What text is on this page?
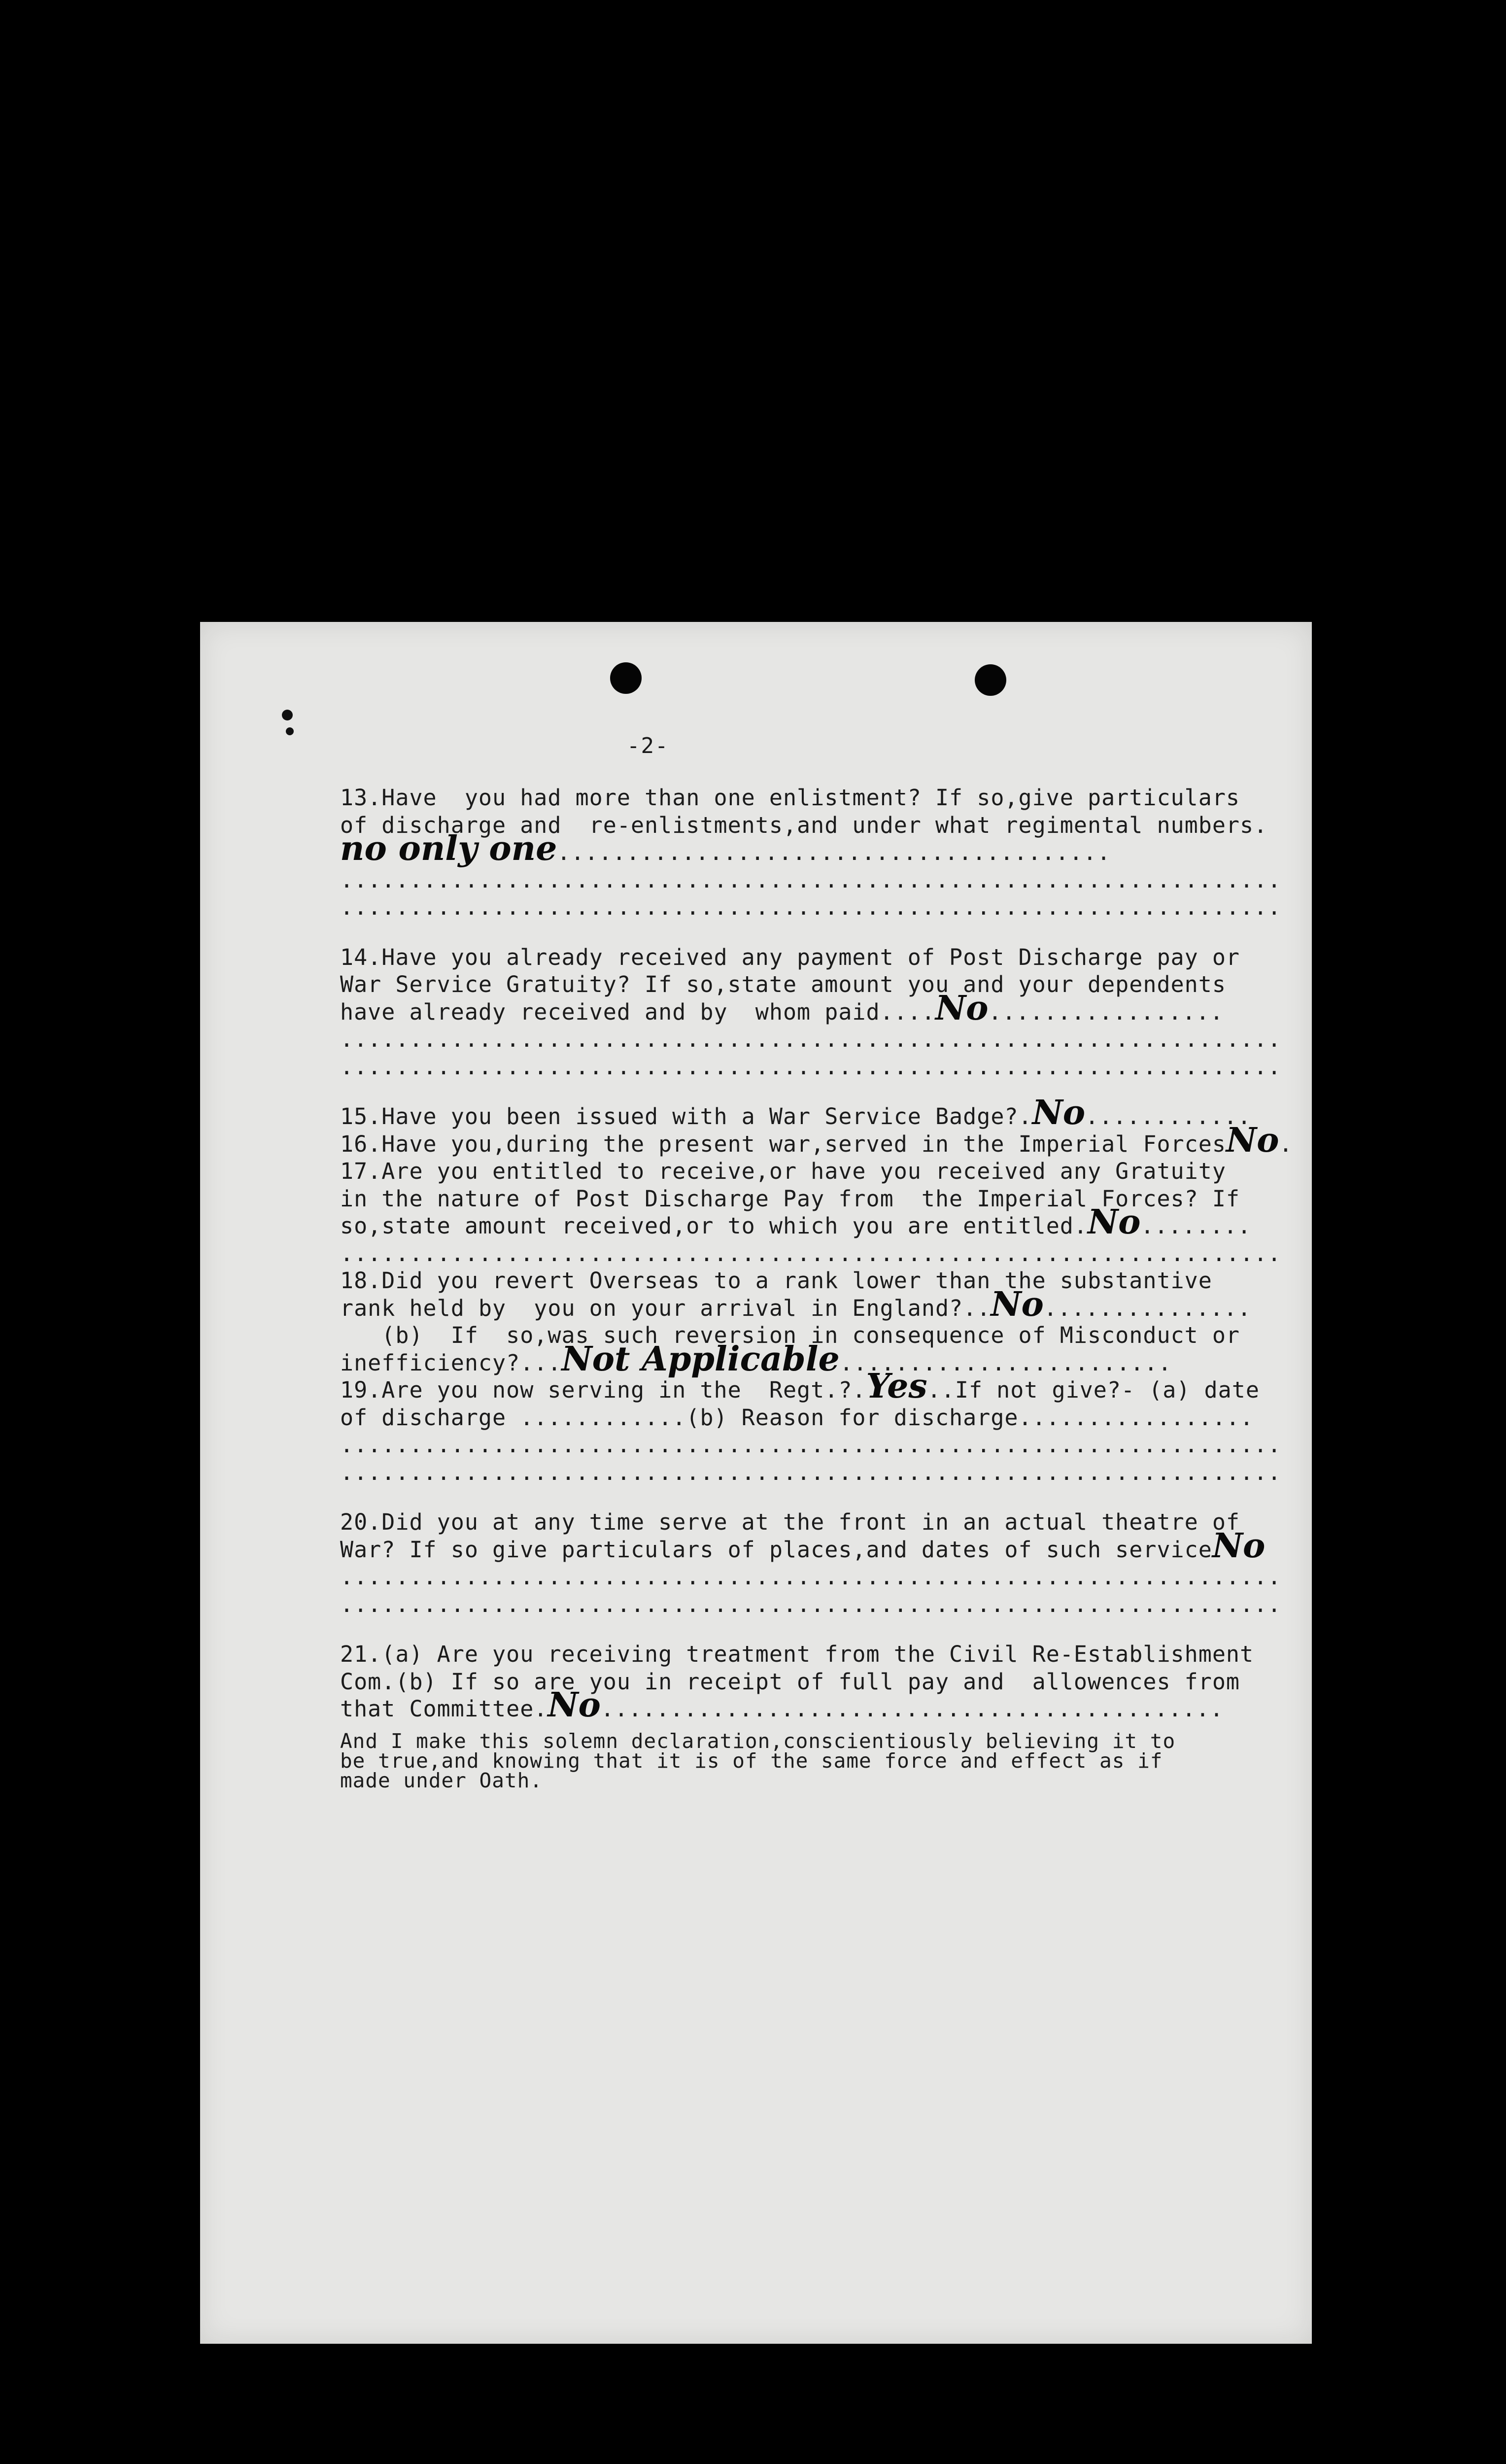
-2-
13.Have  you had more than one enlistment? If so,give particulars
of discharge and  re-enlistments,and under what regimental numbers.
no only one........................................
....................................................................
....................................................................
14.Have you already received any payment of Post Discharge pay or
War Service Gratuity? If so,state amount you and your dependents
have already received and by  whom paid....No.................
....................................................................
....................................................................
15.Have you been issued with a War Service Badge?.No............
16.Have you,during the present war,served in the Imperial ForcesNo.
17.Are you entitled to receive,or have you received any Gratuity
in the nature of Post Discharge Pay from  the Imperial Forces? If
so,state amount received,or to which you are entitled.No........
....................................................................
18.Did you revert Overseas to a rank lower than the substantive
rank held by  you on your arrival in England?..No...............
(b)  If  so,was such reversion in consequence of Misconduct or
inefficiency?...Not Applicable........................
19.Are you now serving in the  Regt.?.Yes..If not give?- (a) date
of discharge ............(b) Reason for discharge.................
....................................................................
....................................................................
20.Did you at any time serve at the front in an actual theatre of
War? If so give particulars of places,and dates of such serviceNo
....................................................................
....................................................................
21.(a) Are you receiving treatment from the Civil Re-Establishment
Com.(b) If so are you in receipt of full pay and  allowences from
that Committee.No.............................................
And I make this solemn declaration,conscientiously believing it to
be true,and knowing that it is of the same force and effect as if
made under Oath.
